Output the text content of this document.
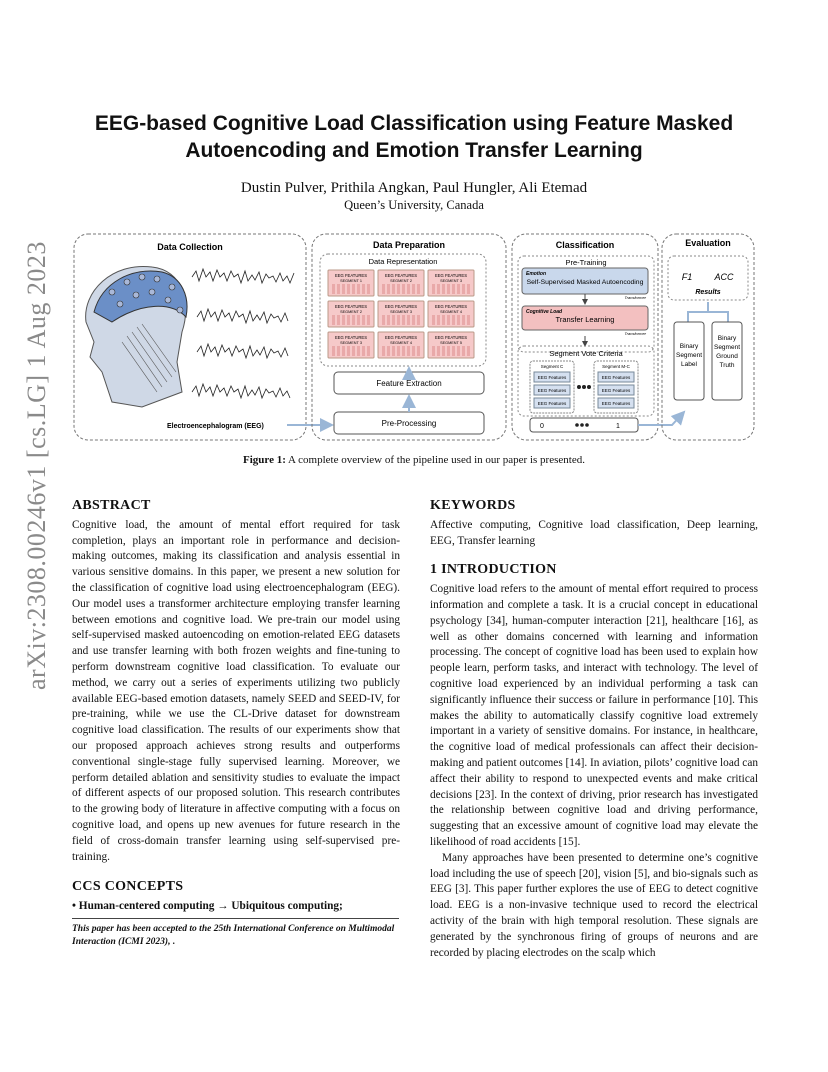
arXiv:2308.00246v1 [cs.LG] 1 Aug 2023
EEG-based Cognitive Load Classification using Feature Masked
Autoencoding and Emotion Transfer Learning
Dustin Pulver, Prithila Angkan, Paul Hungler, Ali Etemad
Queen’s University, Canada
Data Collection
Electroencephalogram (EEG)
Data Preparation
Data Representation
EEG FEATURES
SEGMENT 1
EEG FEATURES
SEGMENT 2
EEG FEATURES
SEGMENT 3
EEG FEATURES
SEGMENT 2
EEG FEATURES
SEGMENT 3
EEG FEATURES
SEGMENT 4
EEG FEATURES
SEGMENT 3
EEG FEATURES
SEGMENT 4
EEG FEATURES
SEGMENT 5
Feature Extraction
Pre-Processing
Classification
Pre-Training
Emotion
Self-Supervised Masked Autoencoding
Transformer
Cognitive Load
Transfer Learning
Transformer
Segment Vote Criteria
Segment C	Segment M-C
EEG Features
EEG Features
EEG Features
EEG Features
EEG Features
EEG Features
0	1
Evaluation
F1 ACC
Results
Binary
Segment
Label
Binary
Segment
Ground
Truth
Figure 1: A complete overview of the pipeline used in our paper is presented.
ABSTRACT

Cognitive load, the amount of mental effort required for task completion, plays an important role in performance and decision-making outcomes, making its classification and analysis essential in various sensitive domains. In this paper, we present a new solution for the classification of cognitive load using electroencephalogram (EEG). Our model uses a transformer architecture employing transfer learning between emotions and cognitive load. We pre-train our model using self-supervised masked autoencoding on emotion-related EEG datasets and use transfer learning with both frozen weights and fine-tuning to perform downstream cognitive load classification. To evaluate our method, we carry out a series of experiments utilizing two publicly available EEG-based emotion datasets, namely SEED and SEED-IV, for pre-training, while we use the CL-Drive dataset for downstream cognitive load classification. The results of our experiments show that our proposed approach achieves strong results and outperforms conventional single-stage fully supervised learning. Moreover, we perform detailed ablation and sensitivity studies to evaluate the impact of different aspects of our proposed solution. This research contributes to the growing body of literature in affective computing with a focus on cognitive load, and opens up new avenues for future research in the field of cross-domain transfer learning using self-supervised pre-training.

CCS CONCEPTS

• Human-centered computing → Ubiquitous computing;

This paper has been accepted to the 25th International Conference on Multimodal Interaction (ICMI 2023), .
KEYWORDS

Affective computing, Cognitive load classification, Deep learning, EEG, Transfer learning

1 INTRODUCTION

Cognitive load refers to the amount of mental effort required to process information and complete a task. It is a crucial concept in educational psychology [34], human-computer interaction [21], healthcare [16], as well as other domains concerned with learning and information processing. The concept of cognitive load has been used to explain how people learn, perform tasks, and interact with technology. The level of cognitive load experienced by an individual performing a task can significantly influence their success or failure in performance [10]. This makes the ability to automatically classify cognitive load extremely important in a variety of sensitive domains. For instance, in healthcare, the cognitive load of medical professionals can affect their decision-making and patient outcomes [14]. In aviation, pilots’ cognitive load can affect their ability to respond to unexpected events and make critical decisions [23]. In the context of driving, prior research has investigated the relationship between cognitive load and driving performance, suggesting that an excessive amount of cognitive load may elevate the likelihood of road accidents [15].

Many approaches have been presented to determine one’s cognitive load including the use of speech [20], vision [5], and bio-signals such as EEG [3]. This paper further explores the use of EEG to detect cognitive load. EEG is a non-invasive technique used to record the electrical activity of the brain with high temporal resolution. These signals are generated by the synchronous firing of groups of neurons and are recorded by placing electrodes on the scalp which
